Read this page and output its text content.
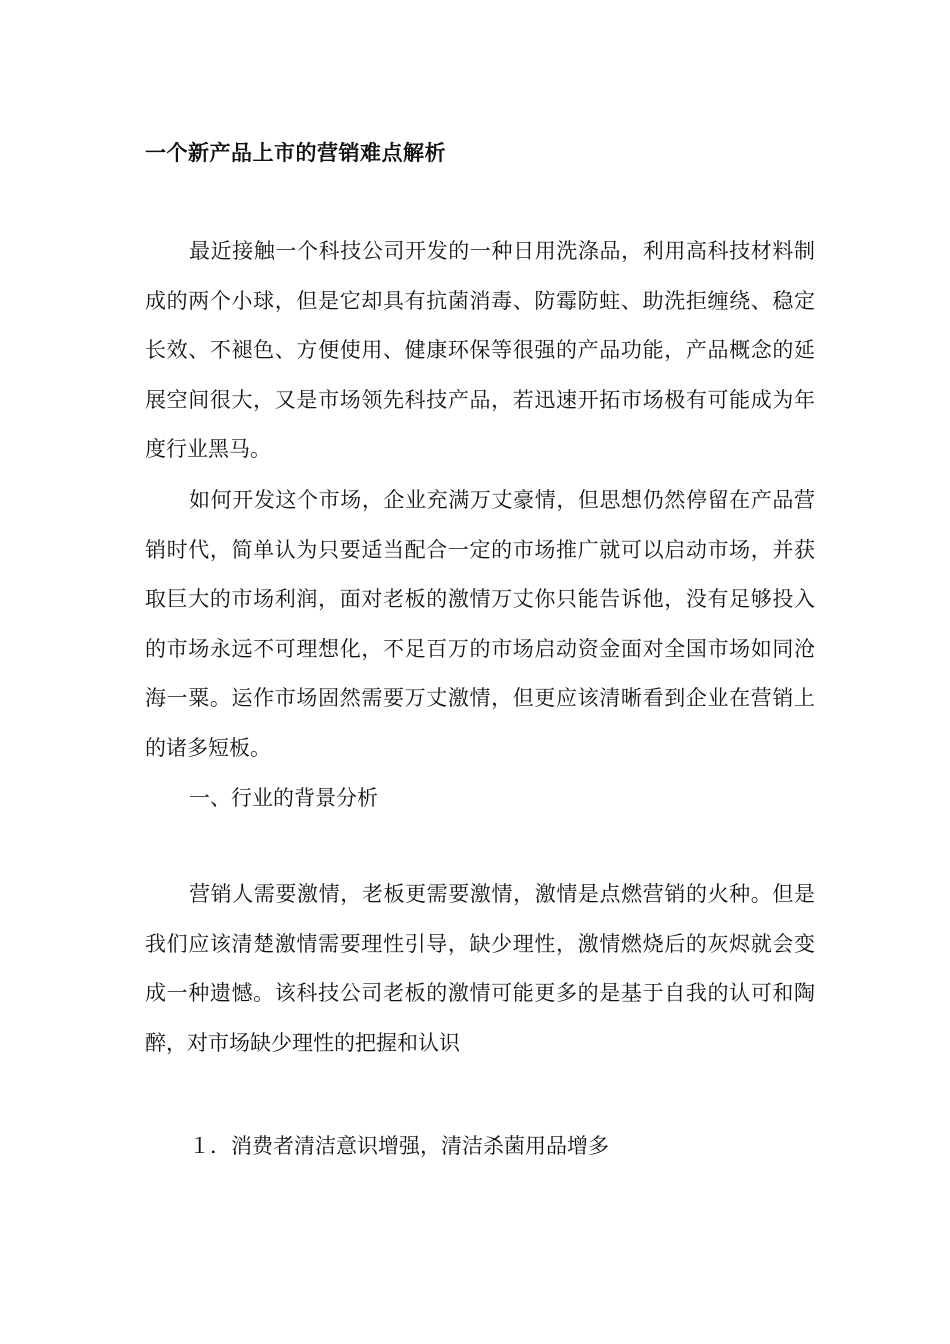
一个新产品上市的营销难点解析

最近接触一个科技公司开发的一种日用洗涤品，利用高科技材料制成的两个小球，但是它却具有抗菌消毒、防霉防蛀、助洗拒缠绕、稳定长效、不褪色、方便使用、健康环保等很强的产品功能，产品概念的延展空间很大，又是市场领先科技产品，若迅速开拓市场极有可能成为年度行业黑马。

如何开发这个市场，企业充满万丈豪情，但思想仍然停留在产品营销时代，简单认为只要适当配合一定的市场推广就可以启动市场，并获取巨大的市场利润，面对老板的激情万丈你只能告诉他，没有足够投入的市场永远不可理想化，不足百万的市场启动资金面对全国市场如同沧海一粟。运作市场固然需要万丈激情，但更应该清晰看到企业在营销上的诸多短板。

一、行业的背景分析

营销人需要激情，老板更需要激情，激情是点燃营销的火种。但是我们应该清楚激情需要理性引导，缺少理性，激情燃烧后的灰烬就会变成一种遗憾。该科技公司老板的激情可能更多的是基于自我的认可和陶醉，对市场缺少理性的把握和认识

１．消费者清洁意识增强，清洁杀菌用品增多
